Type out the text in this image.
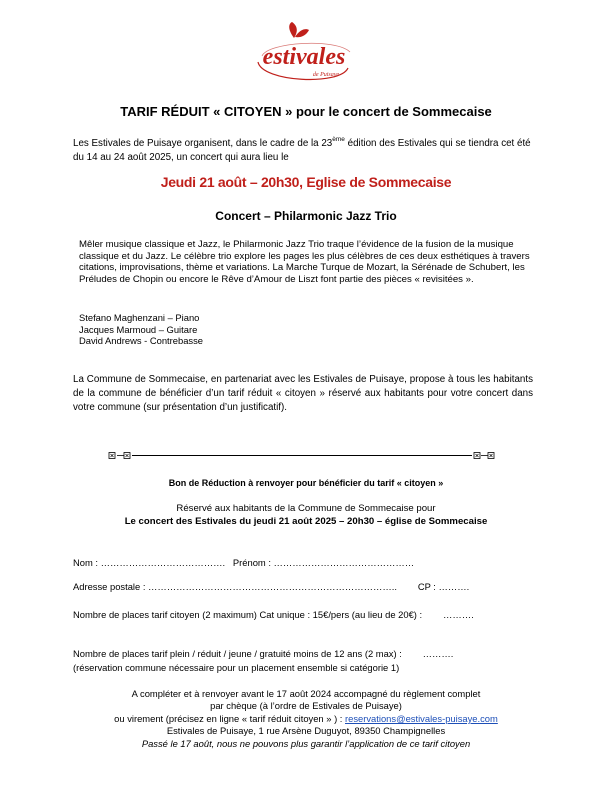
estivales
de Puisaye
TARIF RÉDUIT « CITOYEN » pour le concert de Sommecaise
Les Estivales de Puisaye organisent, dans le cadre de la 23ème édition des Estivales qui se tiendra cet été du 14 au 24 août 2025, un concert qui aura lieu le
Jeudi 21 août – 20h30, Eglise de Sommecaise
Concert – Philarmonic Jazz Trio
Mêler musique classique et Jazz, le Philarmonic Jazz Trio traque l’évidence de la fusion de la musique classique et du Jazz. Le célèbre trio explore les pages les plus célèbres de ces deux esthétiques à travers citations, improvisations, thème et variations. La Marche Turque de Mozart, la Sérénade de Schubert, les Préludes de Chopin ou encore le Rêve d’Amour de Liszt font partie des pièces « revisitées ».
Stefano Maghenzani – Piano
Jacques Marmoud – Guitare
David Andrews - Contrebasse
La Commune de Sommecaise, en partenariat avec les Estivales de Puisaye, propose à tous les habitants de la commune de bénéficier d’un tarif réduit « citoyen » réservé aux habitants pour votre concert dans votre commune (sur présentation d’un justificatif).
Bon de Réduction à renvoyer pour bénéficier du tarif « citoyen »
Réservé aux habitants de la Commune de Sommecaise pour
Le concert des Estivales du jeudi 21 août 2025 – 20h30 – église de Sommecaise
Nom : ………………………………….   Prénom : ………………………………………
Adresse postale : ……………………………………………………………………..        CP : ……….
Nombre de places tarif citoyen (2 maximum) Cat unique : 15€/pers (au lieu de 20€) :        ……….
Nombre de places tarif plein / réduit / jeune / gratuité moins de 12 ans (2 max) :        ……….
(réservation commune nécessaire pour un placement ensemble si catégorie 1)
A compléter et à renvoyer avant le 17 août 2024 accompagné du règlement complet
par chèque (à l’ordre de Estivales de Puisaye)
ou virement (précisez en ligne « tarif réduit citoyen » ) : reservations@estivales-puisaye.com
Estivales de Puisaye, 1 rue Arsène Duguyot, 89350 Champignelles
Passé le 17 août, nous ne pouvons plus garantir l’application de ce tarif citoyen
